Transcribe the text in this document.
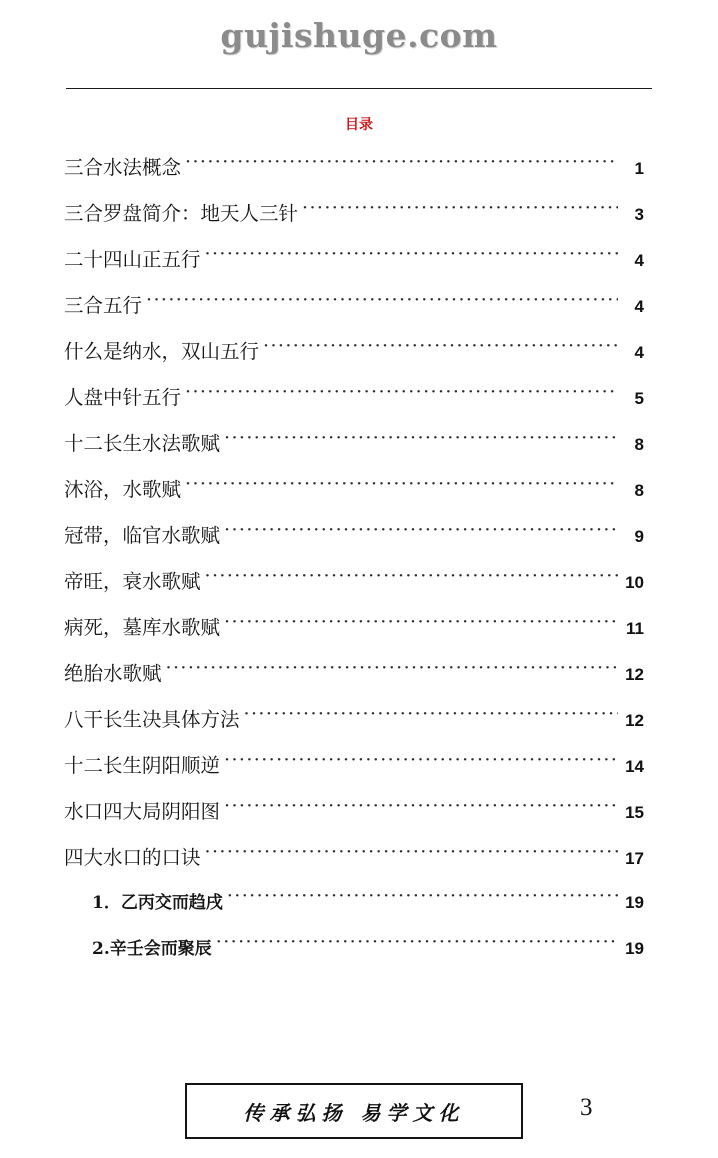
gujishuge.com
目录
三合水法概念 ·····	1
三合罗盘简介：地天人三针 ·····	3
二十四山正五行 ·····	4
三合五行 ·····	4
什么是纳水，双山五行 ·····	4
人盘中针五行 ·····	5
十二长生水法歌赋 ·····	8
沐浴，水歌赋 ·····	8
冠带，临官水歌赋 ·····	9
帝旺，衰水歌赋 ·····	10
病死，墓库水歌赋 ·····	11
绝胎水歌赋 ·····	12
八干长生决具体方法 ·····	12
十二长生阴阳顺逆 ·····	14
水口四大局阴阳图 ·····	15
四大水口的口诀 ·····	17
1．乙丙交而趋戌 ·····	19
2.辛壬会而聚辰 ·····	19
传承弘扬 易学文化	3
